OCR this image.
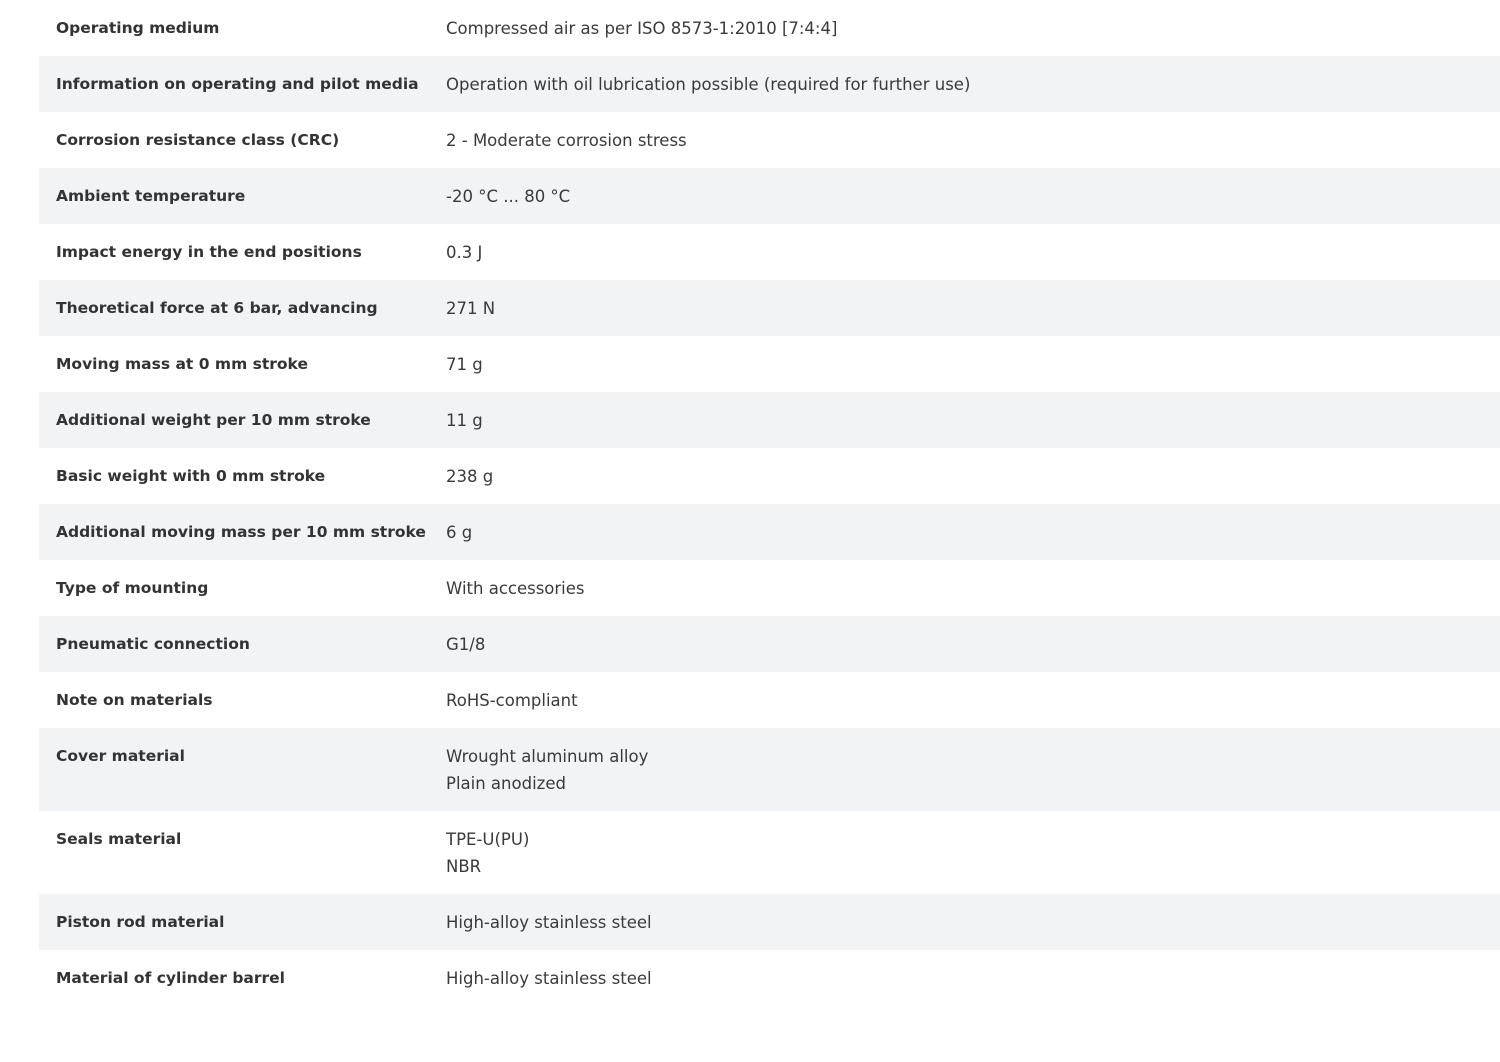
Operating medium	Compressed air as per ISO 8573-1:2010 [7:4:4]
Information on operating and pilot media	Operation with oil lubrication possible (required for further use)
Corrosion resistance class (CRC)	2 - Moderate corrosion stress
Ambient temperature	-20 °C ... 80 °C
Impact energy in the end positions	0.3 J
Theoretical force at 6 bar, advancing	271 N
Moving mass at 0 mm stroke	71 g
Additional weight per 10 mm stroke	11 g
Basic weight with 0 mm stroke	238 g
Additional moving mass per 10 mm stroke	6 g
Type of mounting	With accessories
Pneumatic connection	G1/8
Note on materials	RoHS-compliant
Cover material	Wrought aluminum alloy
Plain anodized
Seals material	TPE-U(PU)
NBR
Piston rod material	High-alloy stainless steel
Material of cylinder barrel	High-alloy stainless steel
